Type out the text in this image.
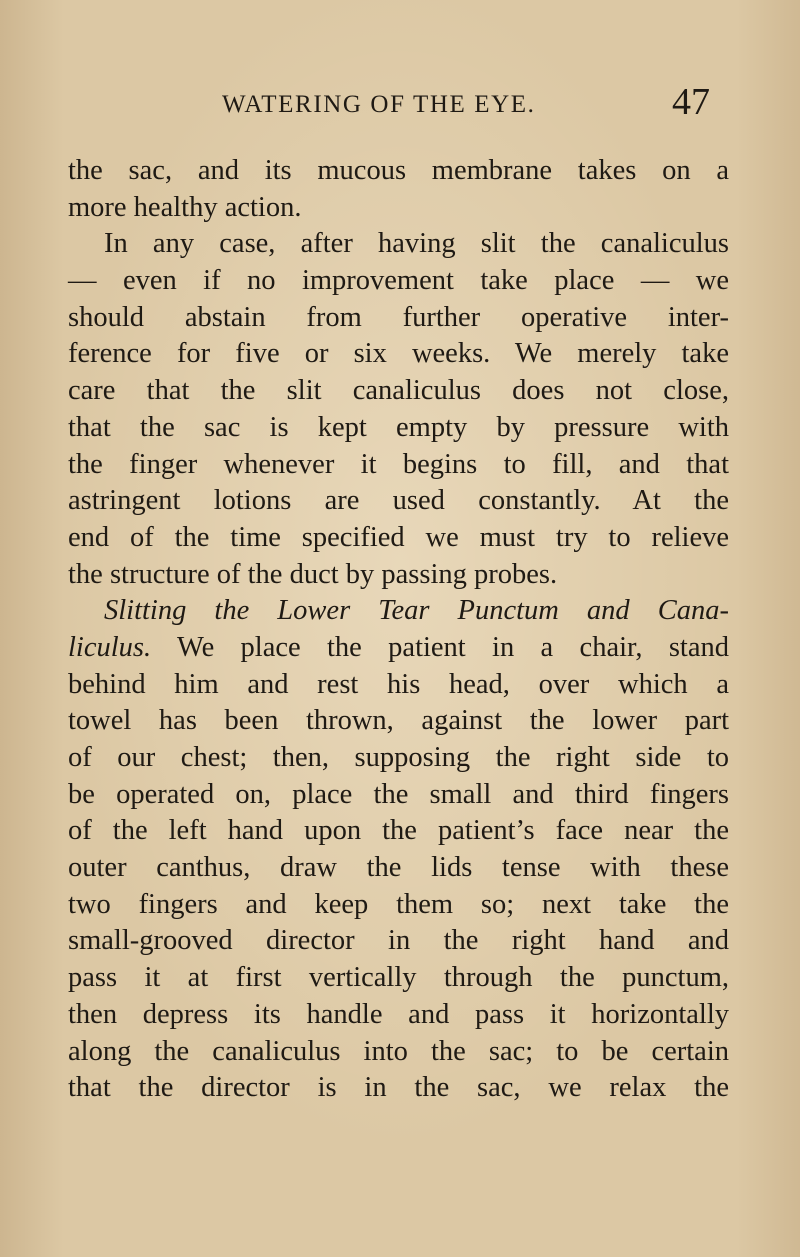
WATERING OF THE EYE.	47
the sac, and its mucous membrane takes on a
more healthy action.
In any case, after having slit the canaliculus
— even if no improvement take place — we
should abstain from further operative inter-
ference for five or six weeks. We merely take
care that the slit canaliculus does not close,
that the sac is kept empty by pressure with
the finger whenever it begins to fill, and that
astringent lotions are used constantly. At the
end of the time specified we must try to relieve
the structure of the duct by passing probes.
Slitting the Lower Tear Punctum and Cana-
liculus. We place the patient in a chair, stand
behind him and rest his head, over which a
towel has been thrown, against the lower part
of our chest; then, supposing the right side to
be operated on, place the small and third fingers
of the left hand upon the patient’s face near the
outer canthus, draw the lids tense with these
two fingers and keep them so; next take the
small-grooved director in the right hand and
pass it at first vertically through the punctum,
then depress its handle and pass it horizontally
along the canaliculus into the sac; to be certain
that the director is in the sac, we relax the
